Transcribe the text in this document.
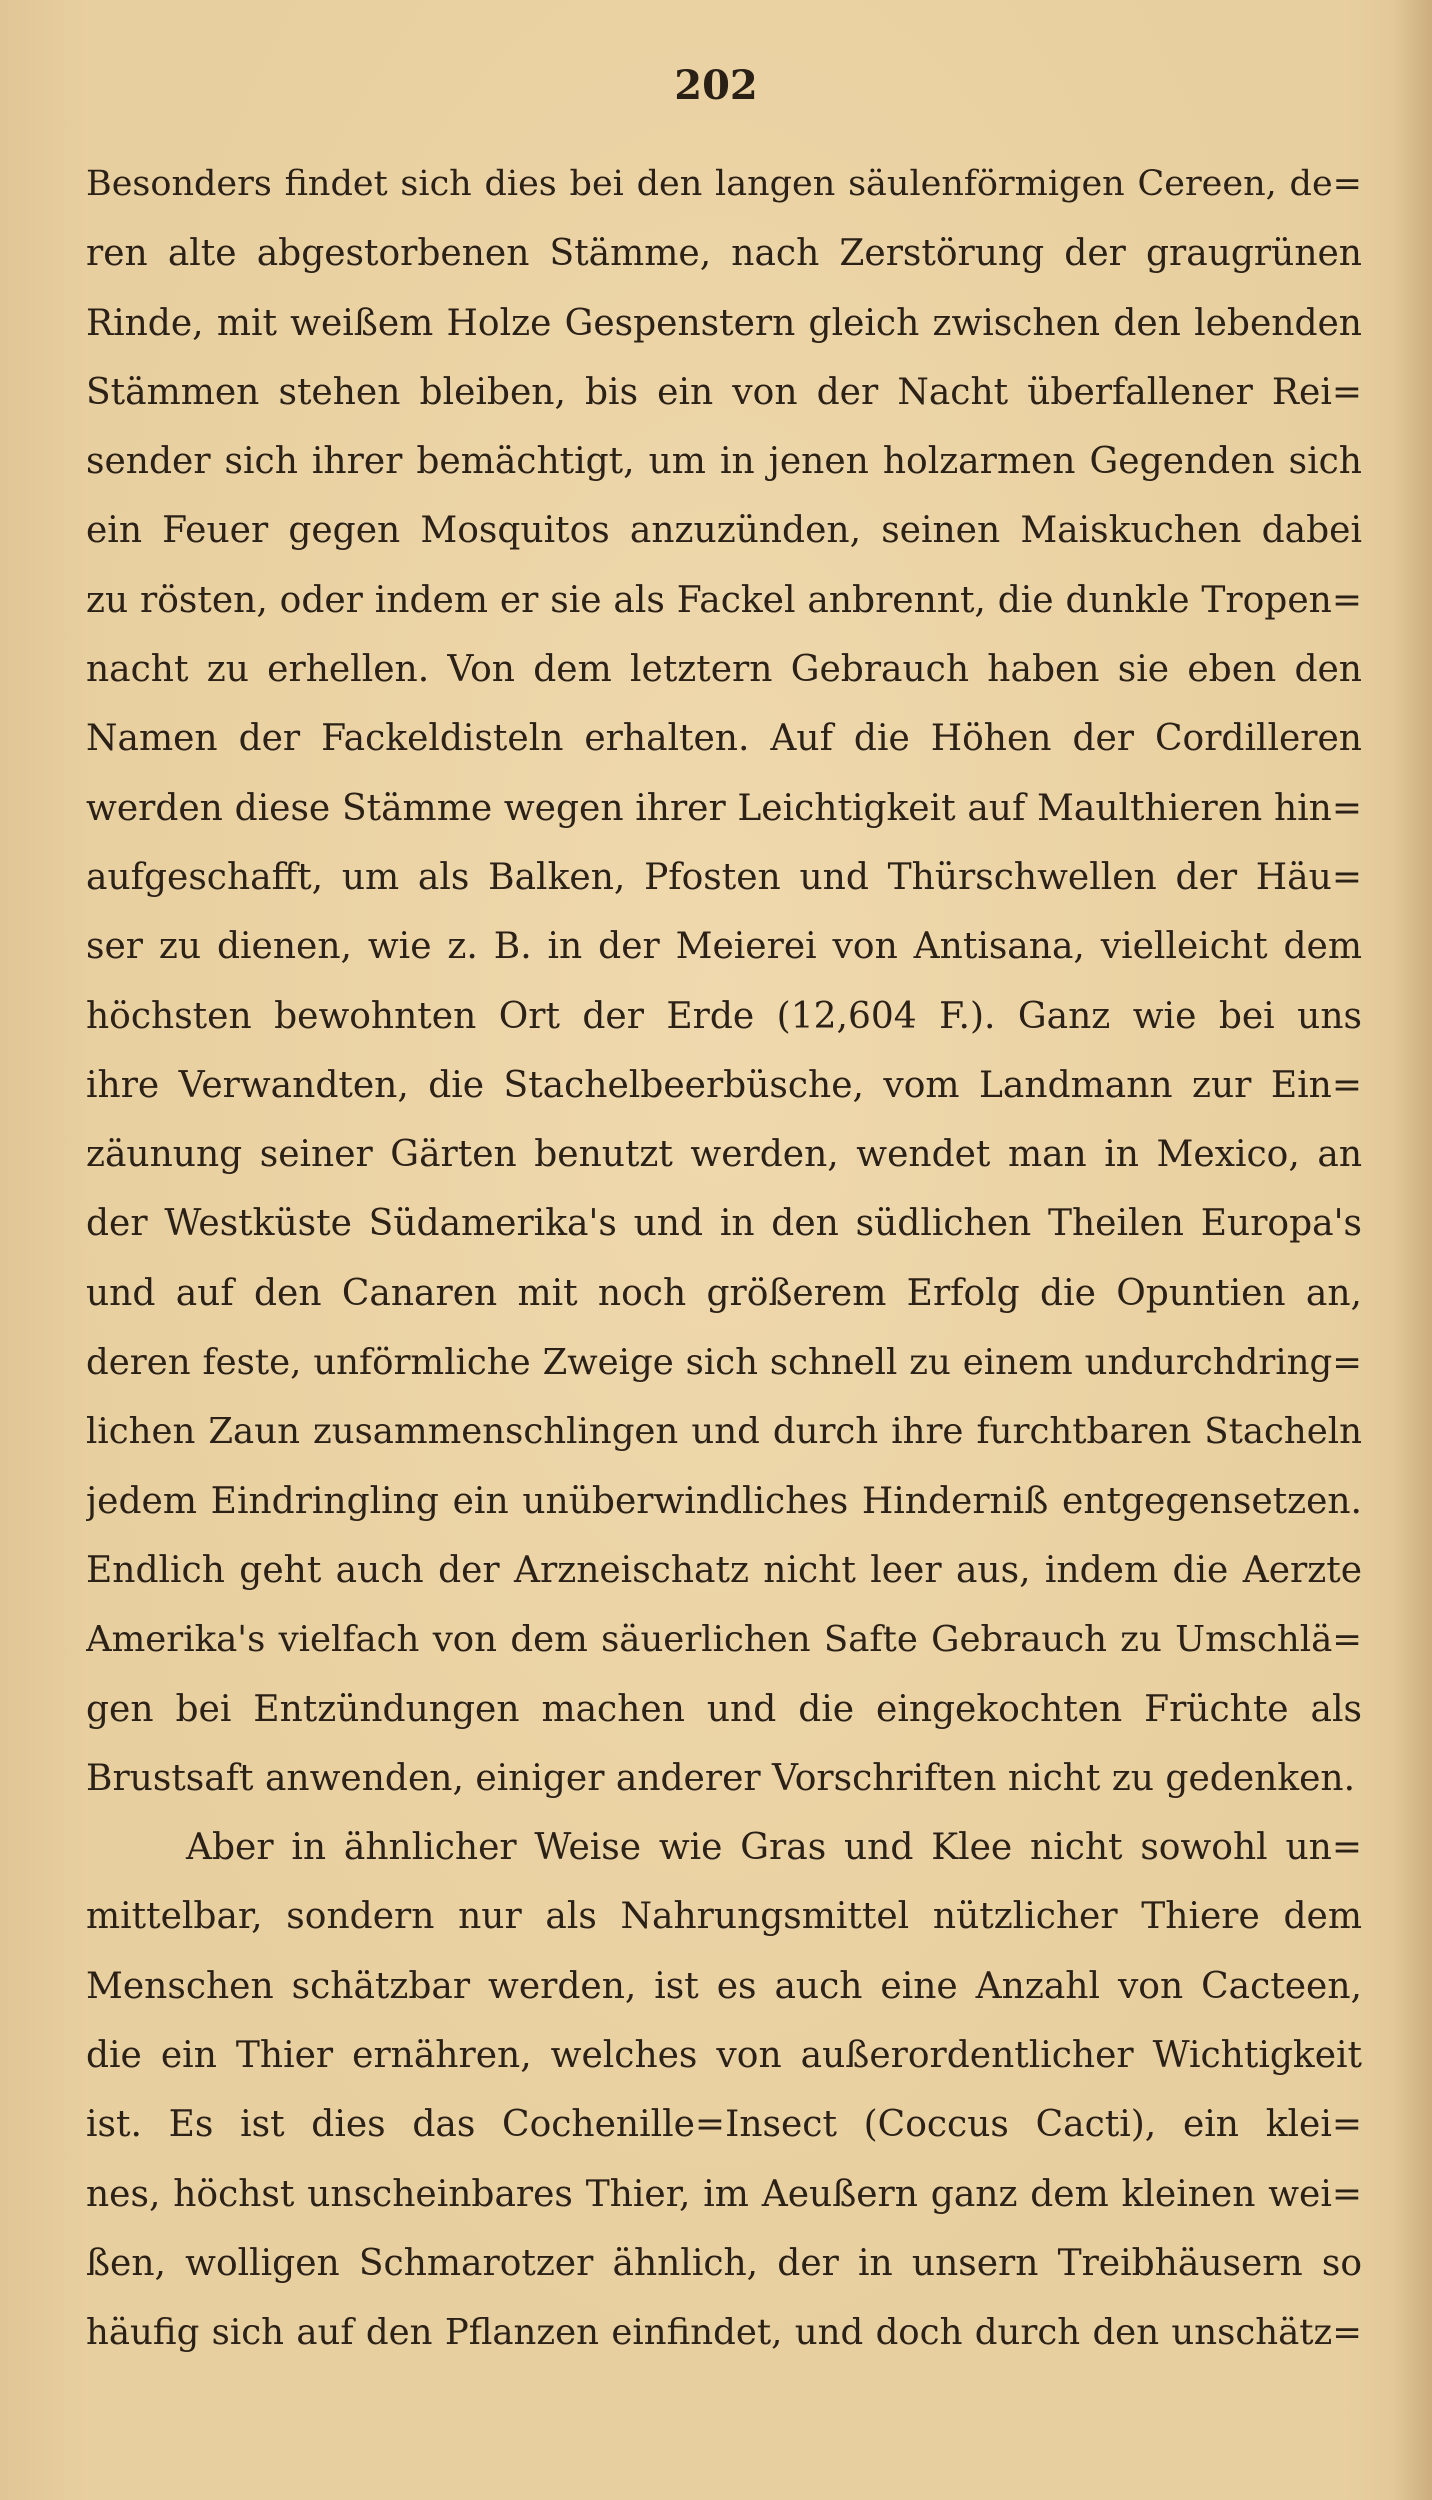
202
Besonders findet sich dies bei den langen säulenförmigen Cereen, de=
ren alte abgestorbenen Stämme, nach Zerstörung der graugrünen
Rinde, mit weißem Holze Gespenstern gleich zwischen den lebenden
Stämmen stehen bleiben, bis ein von der Nacht überfallener Rei=
sender sich ihrer bemächtigt, um in jenen holzarmen Gegenden sich
ein Feuer gegen Mosquitos anzuzünden, seinen Maiskuchen dabei
zu rösten, oder indem er sie als Fackel anbrennt, die dunkle Tropen=
nacht zu erhellen. Von dem letztern Gebrauch haben sie eben den
Namen der Fackeldisteln erhalten. Auf die Höhen der Cordilleren
werden diese Stämme wegen ihrer Leichtigkeit auf Maulthieren hin=
aufgeschafft, um als Balken, Pfosten und Thürschwellen der Häu=
ser zu dienen, wie z. B. in der Meierei von Antisana, vielleicht dem
höchsten bewohnten Ort der Erde (12,604 F.). Ganz wie bei uns
ihre Verwandten, die Stachelbeerbüsche, vom Landmann zur Ein=
zäunung seiner Gärten benutzt werden, wendet man in Mexico, an
der Westküste Südamerika's und in den südlichen Theilen Europa's
und auf den Canaren mit noch größerem Erfolg die Opuntien an,
deren feste, unförmliche Zweige sich schnell zu einem undurchdring=
lichen Zaun zusammenschlingen und durch ihre furchtbaren Stacheln
jedem Eindringling ein unüberwindliches Hinderniß entgegensetzen.
Endlich geht auch der Arzneischatz nicht leer aus, indem die Aerzte
Amerika's vielfach von dem säuerlichen Safte Gebrauch zu Umschlä=
gen bei Entzündungen machen und die eingekochten Früchte als
Brustsaft anwenden, einiger anderer Vorschriften nicht zu gedenken.
Aber in ähnlicher Weise wie Gras und Klee nicht sowohl un=
mittelbar, sondern nur als Nahrungsmittel nützlicher Thiere dem
Menschen schätzbar werden, ist es auch eine Anzahl von Cacteen,
die ein Thier ernähren, welches von außerordentlicher Wichtigkeit
ist. Es ist dies das Cochenille=Insect (Coccus Cacti), ein klei=
nes, höchst unscheinbares Thier, im Aeußern ganz dem kleinen wei=
ßen, wolligen Schmarotzer ähnlich, der in unsern Treibhäusern so
häufig sich auf den Pflanzen einfindet, und doch durch den unschätz=
